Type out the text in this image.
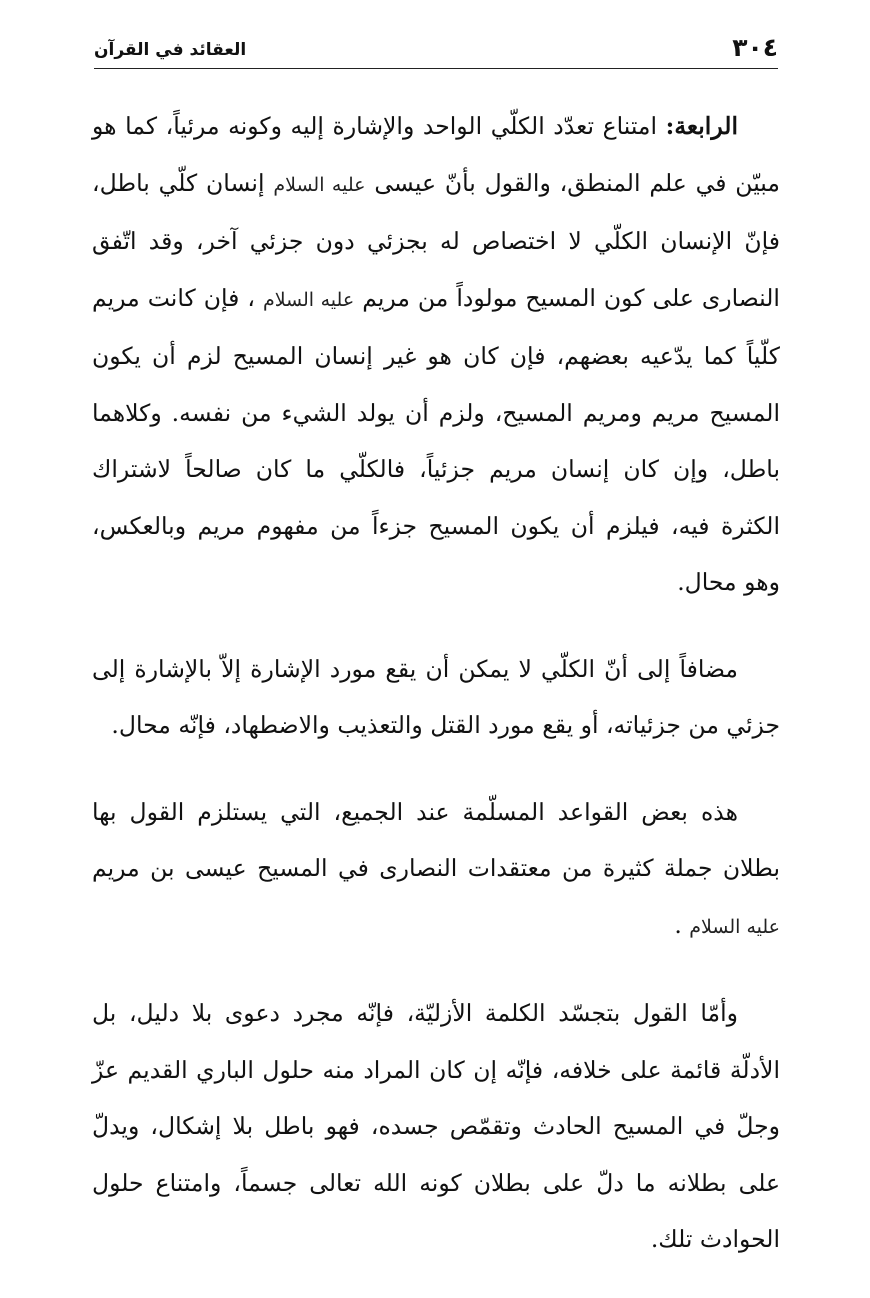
٣٠٤
العقائد في القرآن

الرابعة: امتناع تعدّد الكلّي الواحد والإشارة إليه وكونه مرئياً، كما هو مبيّن في علم المنطق، والقول بأنّ عيسى عليه السلام إنسان كلّي باطل، فإنّ الإنسان الكلّي لا اختصاص له بجزئي دون جزئي آخر، وقد اتّفق النصارى على كون المسيح مولوداً من مريم عليه السلام ، فإن كانت مريم كلّياً كما يدّعيه بعضهم، فإن كان هو غير إنسان المسيح لزم أن يكون المسيح مريم ومريم المسيح، ولزم أن يولد الشيء من نفسه. وكلاهما باطل، وإن كان إنسان مريم جزئياً، فالكلّي ما كان صالحاً لاشتراك الكثرة فيه، فيلزم أن يكون المسيح جزءاً من مفهوم مريم وبالعكس، وهو محال.

مضافاً إلى أنّ الكلّي لا يمكن أن يقع مورد الإشارة إلاّ بالإشارة إلى جزئي من جزئياته، أو يقع مورد القتل والتعذيب والاضطهاد، فإنّه محال.

هذه بعض القواعد المسلّمة عند الجميع، التي يستلزم القول بها بطلان جملة كثيرة من معتقدات النصارى في المسيح عيسى بن مريم عليه السلام .

وأمّا القول بتجسّد الكلمة الأزليّة، فإنّه مجرد دعوى بلا دليل، بل الأدلّة قائمة على خلافه، فإنّه إن كان المراد منه حلول الباري القديم عزّ وجلّ في المسيح الحادث وتقمّص جسده، فهو باطل بلا إشكال، ويدلّ على بطلانه ما دلّ على بطلان كونه الله تعالى جسماً، وامتناع حلول الحوادث تلك.
